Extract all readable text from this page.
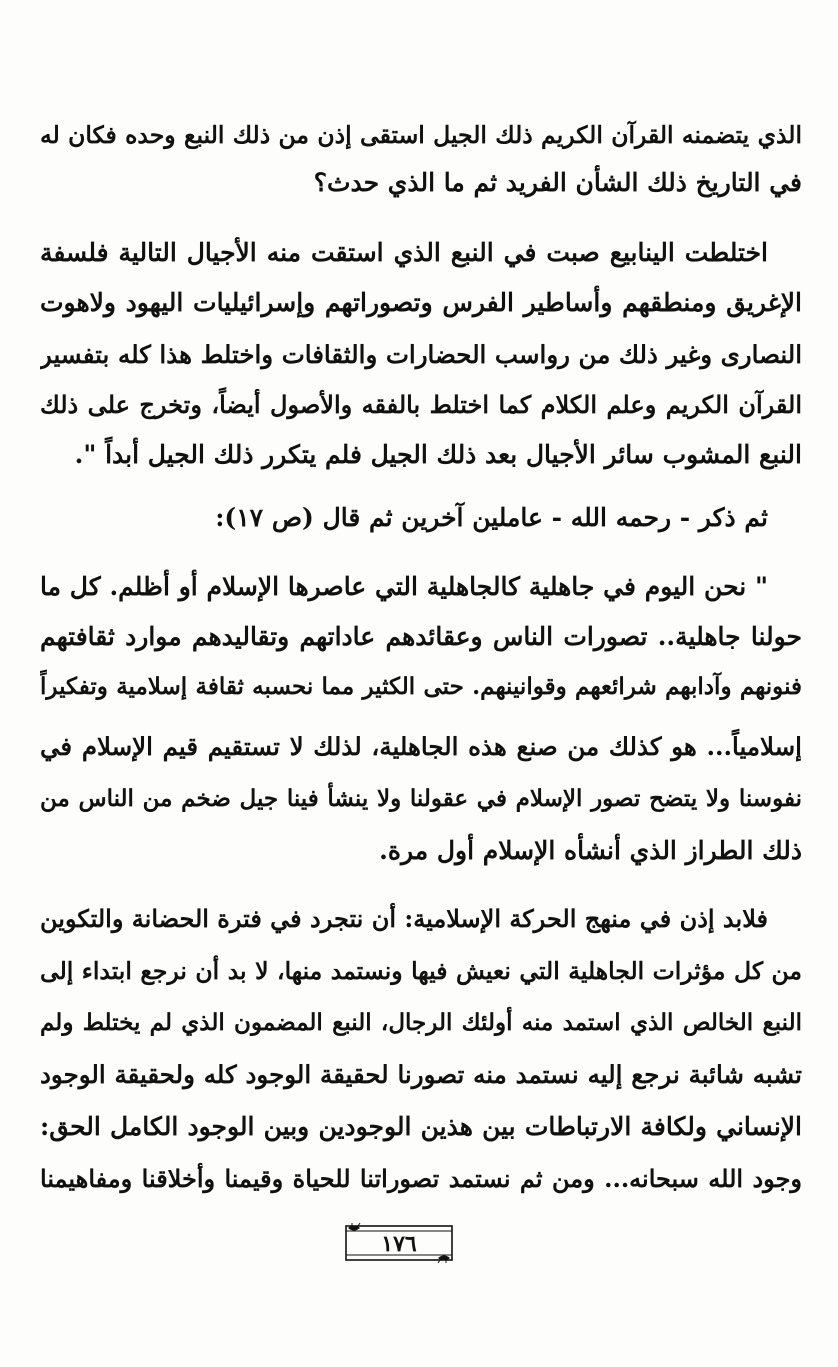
الذي يتضمنه القرآن الكريم ذلك الجيل استقى إذن من ذلك النبع وحده فكان له
في التاريخ ذلك الشأن الفريد ثم ما الذي حدث؟
اختلطت الينابيع صبت في النبع الذي استقت منه الأجيال التالية فلسفة
الإغريق ومنطقهم وأساطير الفرس وتصوراتهم وإسرائيليات اليهود ولاهوت
النصارى وغير ذلك من رواسب الحضارات والثقافات واختلط هذا كله بتفسير
القرآن الكريم وعلم الكلام كما اختلط بالفقه والأصول أيضاً، وتخرج على ذلك
النبع المشوب سائر الأجيال بعد ذلك الجيل فلم يتكرر ذلك الجيل أبداً ".
ثم ذكر - رحمه الله - عاملين آخرين ثم قال (ص ١٧):
" نحن اليوم في جاهلية كالجاهلية التي عاصرها الإسلام أو أظلم. كل ما
حولنا جاهلية.. تصورات الناس وعقائدهم عاداتهم وتقاليدهم موارد ثقافتهم
فنونهم وآدابهم شرائعهم وقوانينهم. حتى الكثير مما نحسبه ثقافة إسلامية وتفكيراً
إسلامياً... هو كذلك من صنع هذه الجاهلية، لذلك لا تستقيم قيم الإسلام في
نفوسنا ولا يتضح تصور الإسلام في عقولنا ولا ينشأ فينا جيل ضخم من الناس من
ذلك الطراز الذي أنشأه الإسلام أول مرة.
فلابد إذن في منهج الحركة الإسلامية: أن نتجرد في فترة الحضانة والتكوين
من كل مؤثرات الجاهلية التي نعيش فيها ونستمد منها، لا بد أن نرجع ابتداء إلى
النبع الخالص الذي استمد منه أولئك الرجال، النبع المضمون الذي لم يختلط ولم
تشبه شائبة نرجع إليه نستمد منه تصورنا لحقيقة الوجود كله ولحقيقة الوجود
الإنساني ولكافة الارتباطات بين هذين الوجودين وبين الوجود الكامل الحق:
وجود الله سبحانه... ومن ثم نستمد تصوراتنا للحياة وقيمنا وأخلاقنا ومفاهيمنا
١٧٦
